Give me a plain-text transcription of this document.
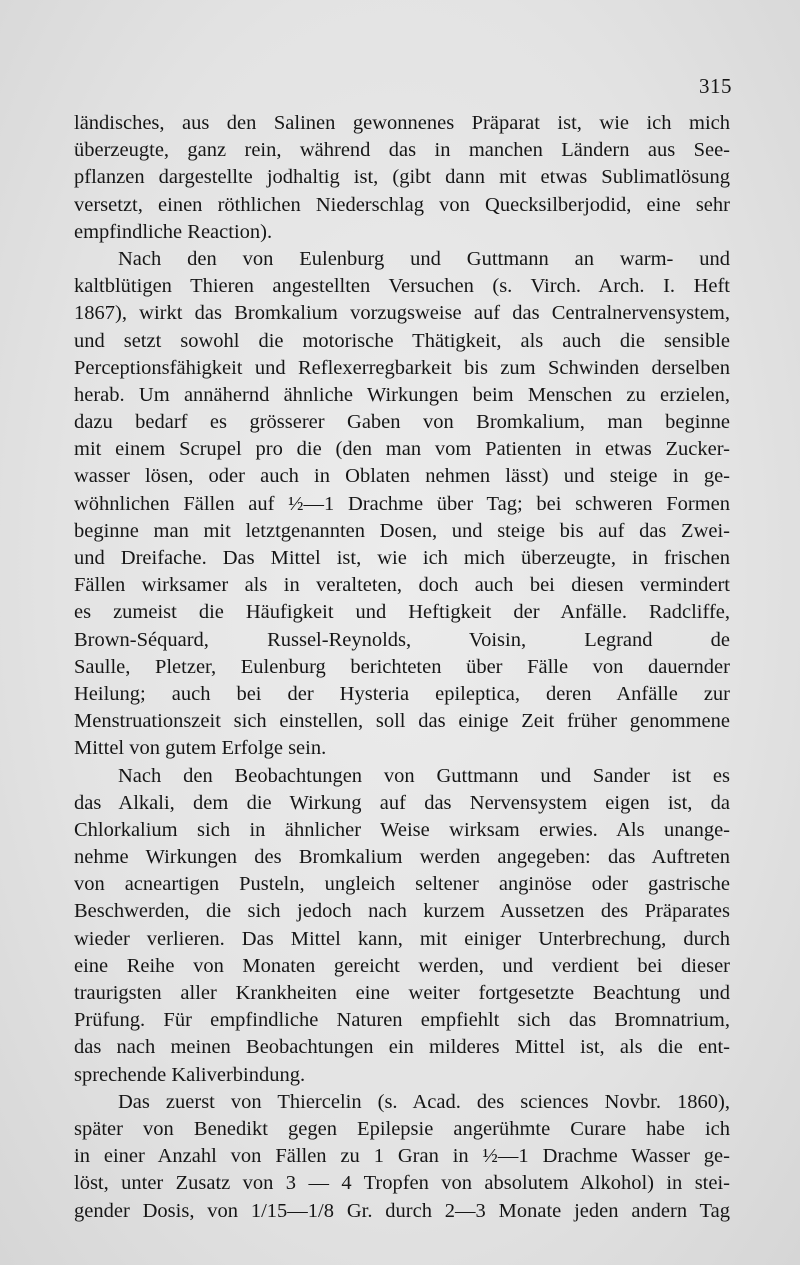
315
ländisches, aus den Salinen gewonnenes Präparat ist, wie ich mich
überzeugte, ganz rein, während das in manchen Ländern aus See-
pflanzen dargestellte jodhaltig ist, (gibt dann mit etwas Sublimatlösung
versetzt, einen röthlichen Niederschlag von Quecksilberjodid, eine sehr
empfindliche Reaction).
Nach den von Eulenburg und Guttmann an warm- und
kaltblütigen Thieren angestellten Versuchen (s. Virch. Arch. I. Heft
1867), wirkt das Bromkalium vorzugsweise auf das Centralnervensystem,
und setzt sowohl die motorische Thätigkeit, als auch die sensible
Perceptionsfähigkeit und Reflexerregbarkeit bis zum Schwinden derselben
herab. Um annähernd ähnliche Wirkungen beim Menschen zu erzielen,
dazu bedarf es grösserer Gaben von Bromkalium, man beginne
mit einem Scrupel pro die (den man vom Patienten in etwas Zucker-
wasser lösen, oder auch in Oblaten nehmen lässt) und steige in ge-
wöhnlichen Fällen auf ½—1 Drachme über Tag; bei schweren Formen
beginne man mit letztgenannten Dosen, und steige bis auf das Zwei-
und Dreifache. Das Mittel ist, wie ich mich überzeugte, in frischen
Fällen wirksamer als in veralteten, doch auch bei diesen vermindert
es zumeist die Häufigkeit und Heftigkeit der Anfälle. Radcliffe,
Brown-Séquard, Russel-Reynolds, Voisin, Legrand de
Saulle, Pletzer, Eulenburg berichteten über Fälle von dauernder
Heilung; auch bei der Hysteria epileptica, deren Anfälle zur
Menstruationszeit sich einstellen, soll das einige Zeit früher genommene
Mittel von gutem Erfolge sein.
Nach den Beobachtungen von Guttmann und Sander ist es
das Alkali, dem die Wirkung auf das Nervensystem eigen ist, da
Chlorkalium sich in ähnlicher Weise wirksam erwies. Als unange-
nehme Wirkungen des Bromkalium werden angegeben: das Auftreten
von acneartigen Pusteln, ungleich seltener anginöse oder gastrische
Beschwerden, die sich jedoch nach kurzem Aussetzen des Präparates
wieder verlieren. Das Mittel kann, mit einiger Unterbrechung, durch
eine Reihe von Monaten gereicht werden, und verdient bei dieser
traurigsten aller Krankheiten eine weiter fortgesetzte Beachtung und
Prüfung. Für empfindliche Naturen empfiehlt sich das Bromnatrium,
das nach meinen Beobachtungen ein milderes Mittel ist, als die ent-
sprechende Kaliverbindung.
Das zuerst von Thiercelin (s. Acad. des sciences Novbr. 1860),
später von Benedikt gegen Epilepsie angerühmte Curare habe ich
in einer Anzahl von Fällen zu 1 Gran in ½—1 Drachme Wasser ge-
löst, unter Zusatz von 3 — 4 Tropfen von absolutem Alkohol) in stei-
gender Dosis, von 1/15—1/8 Gr. durch 2—3 Monate jeden andern Tag
